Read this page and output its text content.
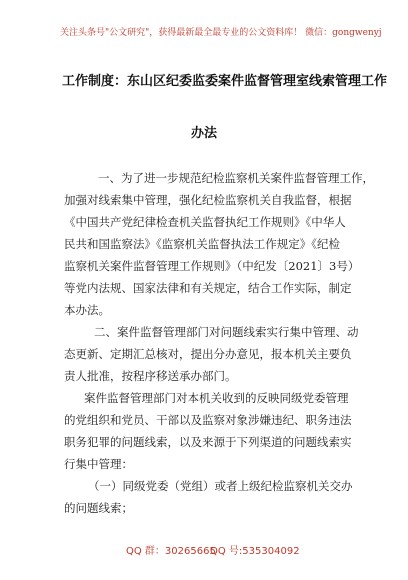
关注头条号"公文研究"，获得最新最全最专业的公文资料库！ 微信：gongwenyj
工作制度：东山区纪委监委案件监督管理室线索管理工作
办法
一、为了进一步规范纪检监察机关案件监督管理工作，
加强对线索集中管理，强化纪检监察机关自我监督，根据
《中国共产党纪律检查机关监督执纪工作规则》《中华人
民共和国监察法》《监察机关监督执法工作规定》《纪检
监察机关案件监督管理工作规则》（中纪发〔2021〕3号）
等党内法规、国家法律和有关规定，结合工作实际，制定
本办法。
二、案件监督管理部门对问题线索实行集中管理、动
态更新、定期汇总核对，提出分办意见，报本机关主要负
责人批准，按程序移送承办部门。
案件监督管理部门对本机关收到的反映同级党委管理
的党组织和党员、干部以及监察对象涉嫌违纪、职务违法
职务犯罪的问题线索，以及来源于下列渠道的问题线索实
行集中管理：
（一）同级党委（党组）或者上级纪检监察机关交办
的问题线索；
QQ 群：30265665
QQ 号:535304092
